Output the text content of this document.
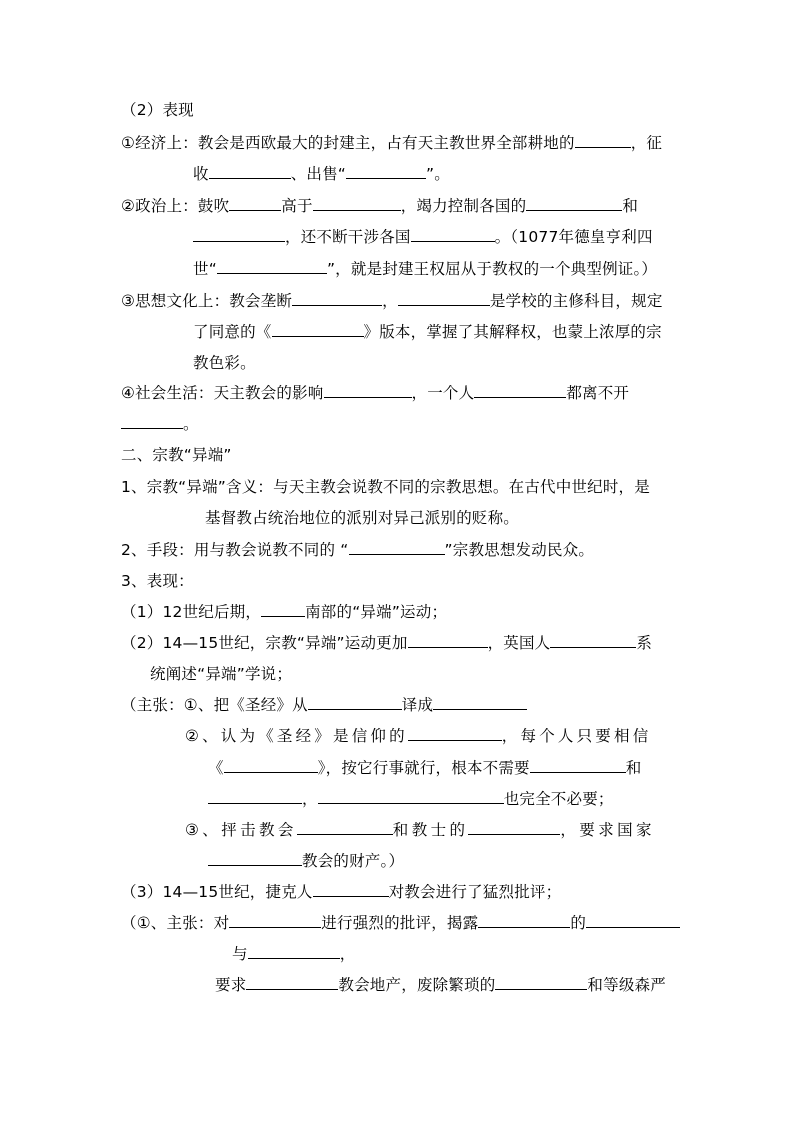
（2）表现
①经济上：教会是西欧最大的封建主，占有天主教世界全部耕地的	，征
收	、出售“	”。
②政治上：鼓吹	高于	，竭力控制各国的	和
，还不断干涉各国	。（1077年德皇亨利四
世“	”，就是封建王权屈从于教权的一个典型例证。）
③思想文化上：教会垄断	，	是学校的主修科目，规定
了同意的《	》版本，掌握了其解释权，也蒙上浓厚的宗
教色彩。
④社会生活：天主教会的影响	，一个人	都离不开
。
二、宗教“异端”
1、宗教“异端”含义：与天主教会说教不同的宗教思想。在古代中世纪时，是
基督教占统治地位的派别对异己派别的贬称。
2、手段：用与教会说教不同的 “	”宗教思想发动民众。
3、表现：
（1）12世纪后期，	南部的“异端”运动；
（2）14—15世纪，宗教“异端”运动更加	，英国人	系
统阐述“异端”学说；
（主张：①、把《圣经》从	译成
②、认为《圣经》是信仰的	，每个人只要相信
《	》，按它行事就行，根本不需要	和
，	也完全不必要；
③、抨击教会	和教士的	，要求国家
教会的财产。）
（3）14—15世纪，捷克人	对教会进行了猛烈批评；
（①、主张：对	进行强烈的批评，揭露	的
与	，
要求	教会地产，废除繁琐的	和等级森严
